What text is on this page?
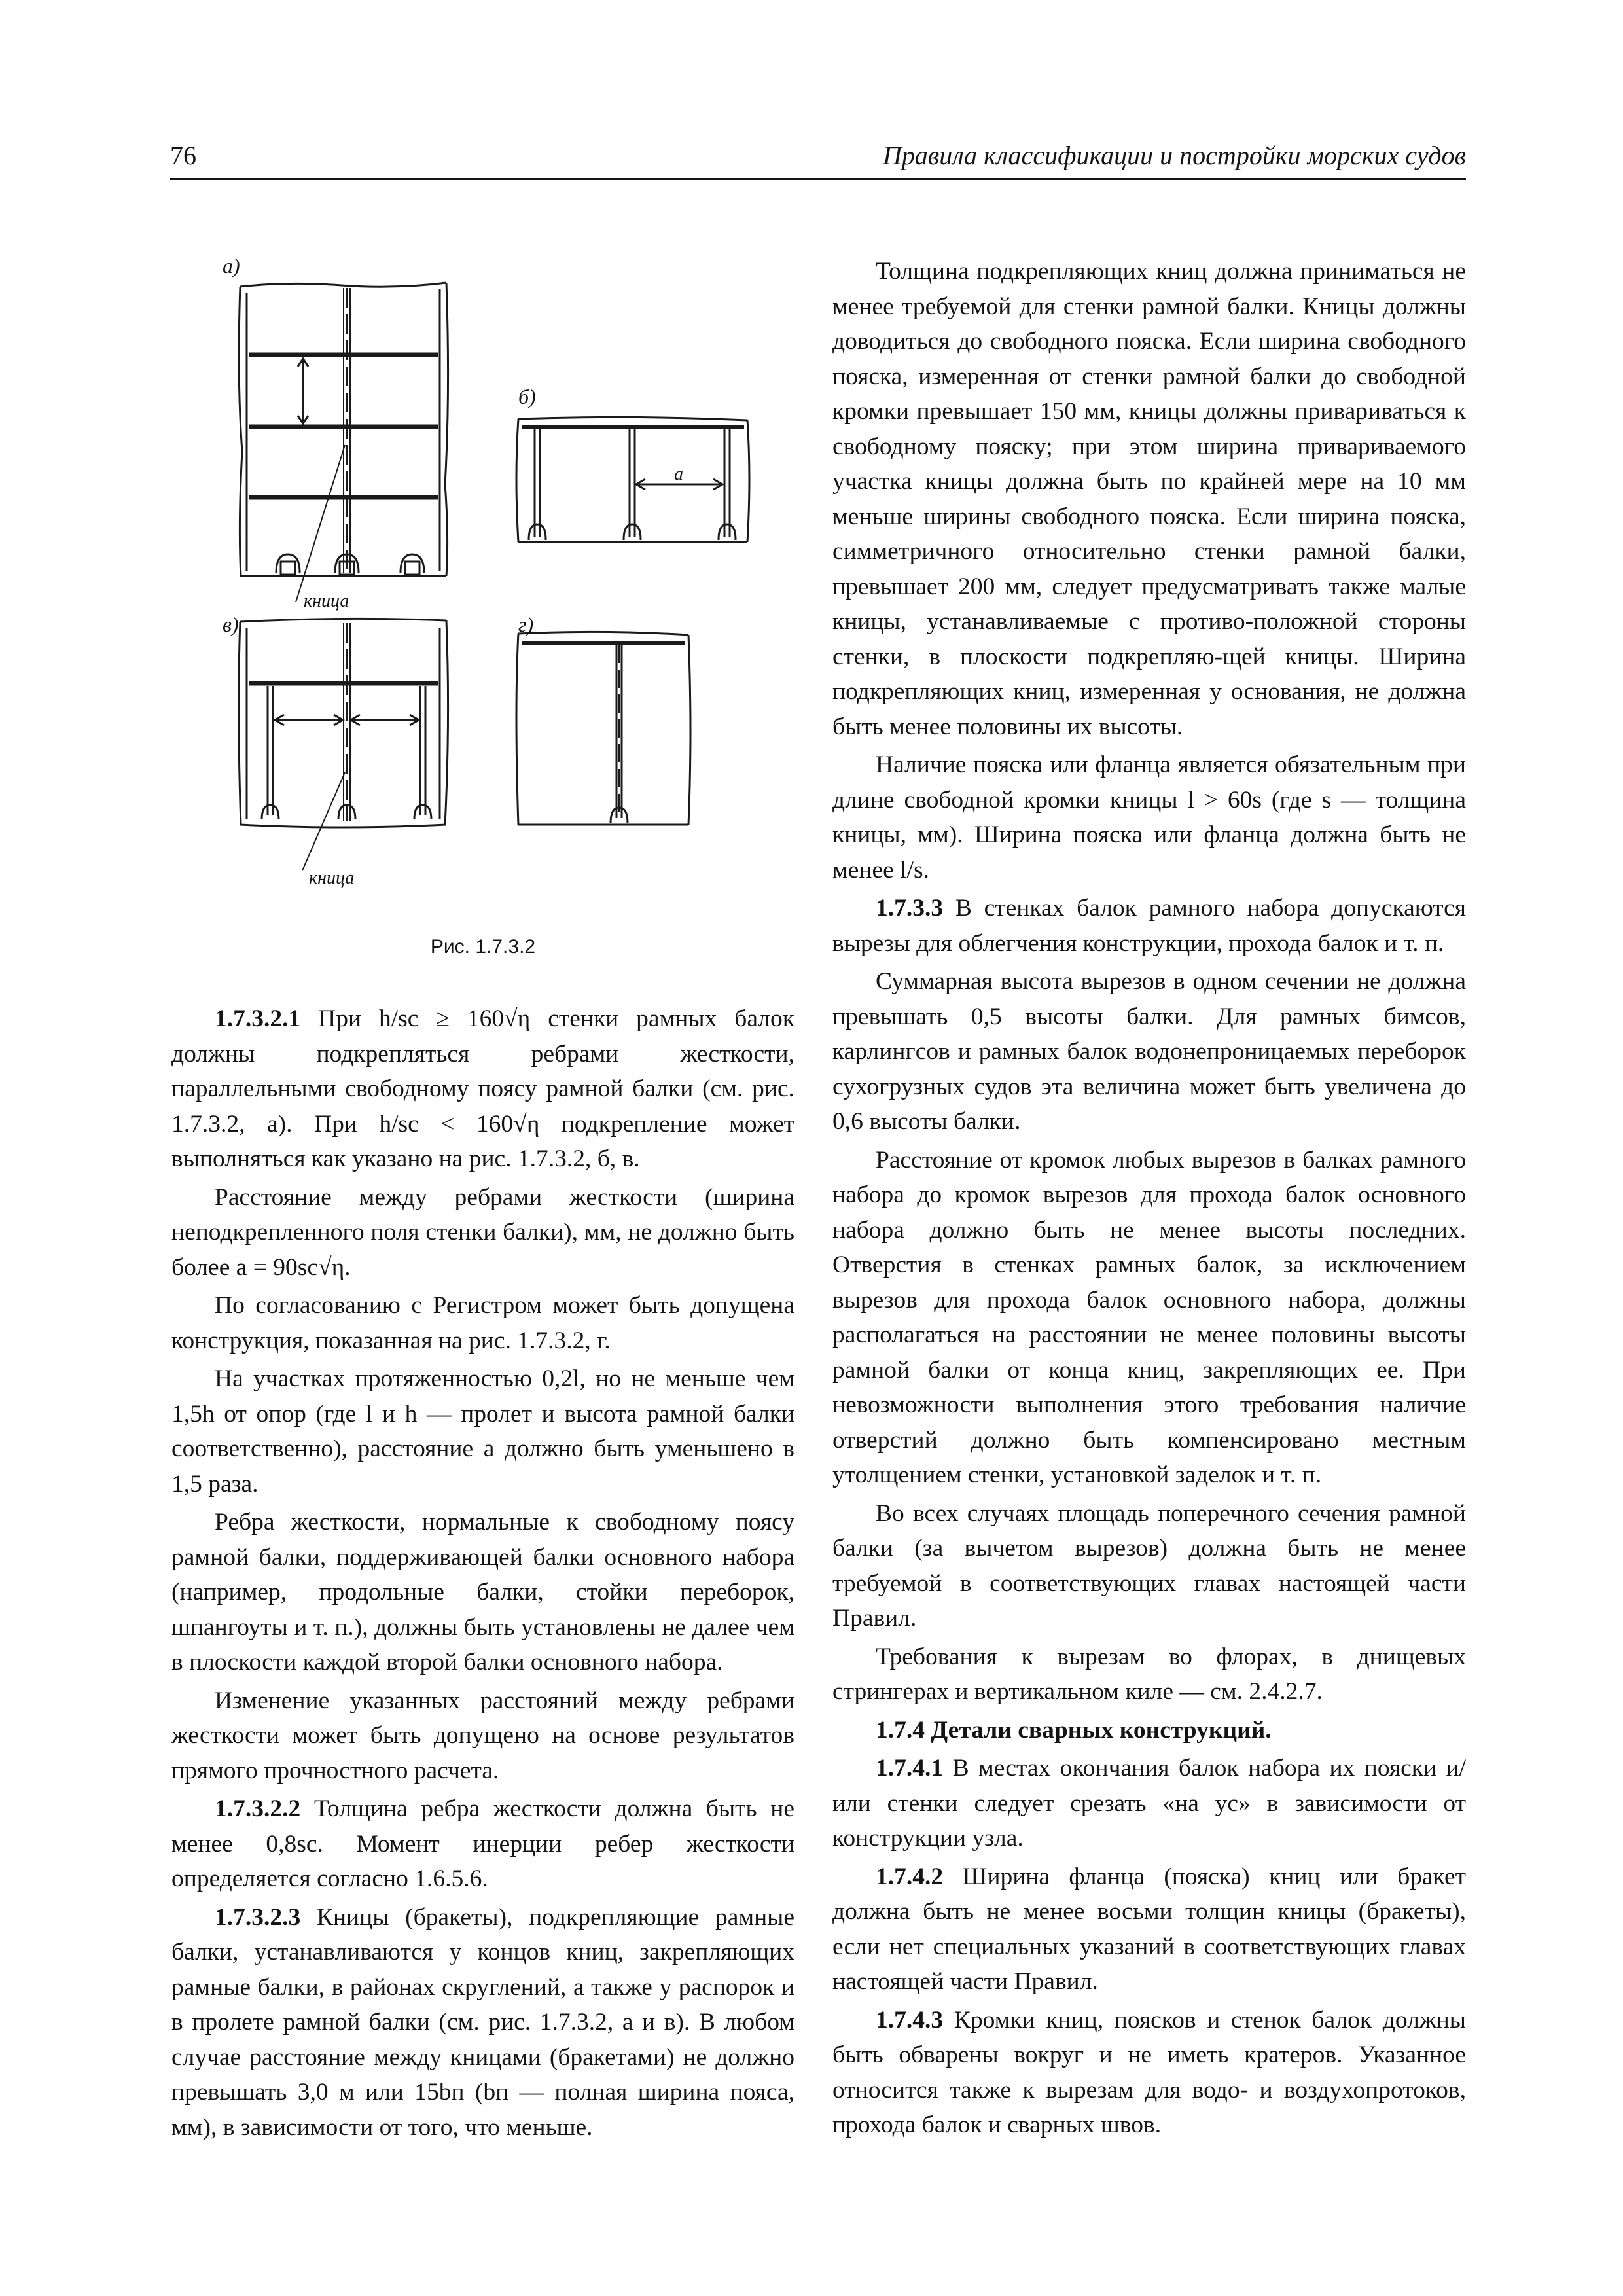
76	Правила классификации и постройки морских судов
а)
б)
в)	г)
a
кница
кница
Рис. 1.7.3.2

1.7.3.2.1 При h/sc ≥ 160√η стенки рамных балок должны подкрепляться ребрами жесткости, параллельными свободному поясу рамной балки (см. рис. 1.7.3.2, а). При h/sc < 160√η подкрепление может выполняться как указано на рис. 1.7.3.2, б, в.

Расстояние между ребрами жесткости (ширина неподкрепленного поля стенки балки), мм, не должно быть более a = 90sc√η.

По согласованию с Регистром может быть допущена конструкция, показанная на рис. 1.7.3.2, г.

На участках протяженностью 0,2l, но не меньше чем 1,5h от опор (где l и h — пролет и высота рамной балки соответственно), расстояние a должно быть уменьшено в 1,5 раза.

Ребра жесткости, нормальные к свободному поясу рамной балки, поддерживающей балки основного набора (например, продольные балки, стойки переборок, шпангоуты и т. п.), должны быть установлены не далее чем в плоскости каждой второй балки основного набора.

Изменение указанных расстояний между ребрами жесткости может быть допущено на основе результатов прямого прочностного расчета.

1.7.3.2.2 Толщина ребра жесткости должна быть не менее 0,8sc. Момент инерции ребер жесткости определяется согласно 1.6.5.6.

1.7.3.2.3 Кницы (бракеты), подкрепляющие рамные балки, устанавливаются у концов книц, закрепляющих рамные балки, в районах скруглений, а также у распорок и в пролете рамной балки (см. рис. 1.7.3.2, а и в). В любом случае расстояние между кницами (бракетами) не должно превышать 3,0 м или 15bп (bп — полная ширина пояса, мм), в зависимости от того, что меньше.

Толщина подкрепляющих книц должна приниматься не менее требуемой для стенки рамной балки. Кницы должны доводиться до свободного пояска. Если ширина свободного пояска, измеренная от стенки рамной балки до свободной кромки превышает 150 мм, кницы должны привариваться к свободному пояску; при этом ширина привариваемого участка кницы должна быть по крайней мере на 10 мм меньше ширины свободного пояска. Если ширина пояска, симметричного относительно стенки рамной балки, превышает 200 мм, следует предусматривать также малые кницы, устанавливаемые с противо-положной стороны стенки, в плоскости подкрепляю-щей кницы. Ширина подкрепляющих книц, измеренная у основания, не должна быть менее половины их высоты.

Наличие пояска или фланца является обязательным при длине свободной кромки кницы l > 60s (где s — толщина кницы, мм). Ширина пояска или фланца должна быть не менее l/s.

1.7.3.3 В стенках балок рамного набора допускаются вырезы для облегчения конструкции, прохода балок и т. п.

Суммарная высота вырезов в одном сечении не должна превышать 0,5 высоты балки. Для рамных бимсов, карлингсов и рамных балок водонепроницаемых переборок сухогрузных судов эта величина может быть увеличена до 0,6 высоты балки.

Расстояние от кромок любых вырезов в балках рамного набора до кромок вырезов для прохода балок основного набора должно быть не менее высоты последних. Отверстия в стенках рамных балок, за исключением вырезов для прохода балок основного набора, должны располагаться на расстоянии не менее половины высоты рамной балки от конца книц, закрепляющих ее. При невозможности выполнения этого требования наличие отверстий должно быть компенсировано местным утолщением стенки, установкой заделок и т. п.

Во всех случаях площадь поперечного сечения рамной балки (за вычетом вырезов) должна быть не менее требуемой в соответствующих главах настоящей части Правил.

Требования к вырезам во флорах, в днищевых стрингерах и вертикальном киле — см. 2.4.2.7.

1.7.4 Детали сварных конструкций.

1.7.4.1 В местах окончания балок набора их пояски и/или стенки следует срезать «на ус» в зависимости от конструкции узла.

1.7.4.2 Ширина фланца (пояска) книц или бракет должна быть не менее восьми толщин кницы (бракеты), если нет специальных указаний в соответствующих главах настоящей части Правил.

1.7.4.3 Кромки книц, поясков и стенок балок должны быть обварены вокруг и не иметь кратеров. Указанное относится также к вырезам для водо- и воздухопротоков, прохода балок и сварных швов.
